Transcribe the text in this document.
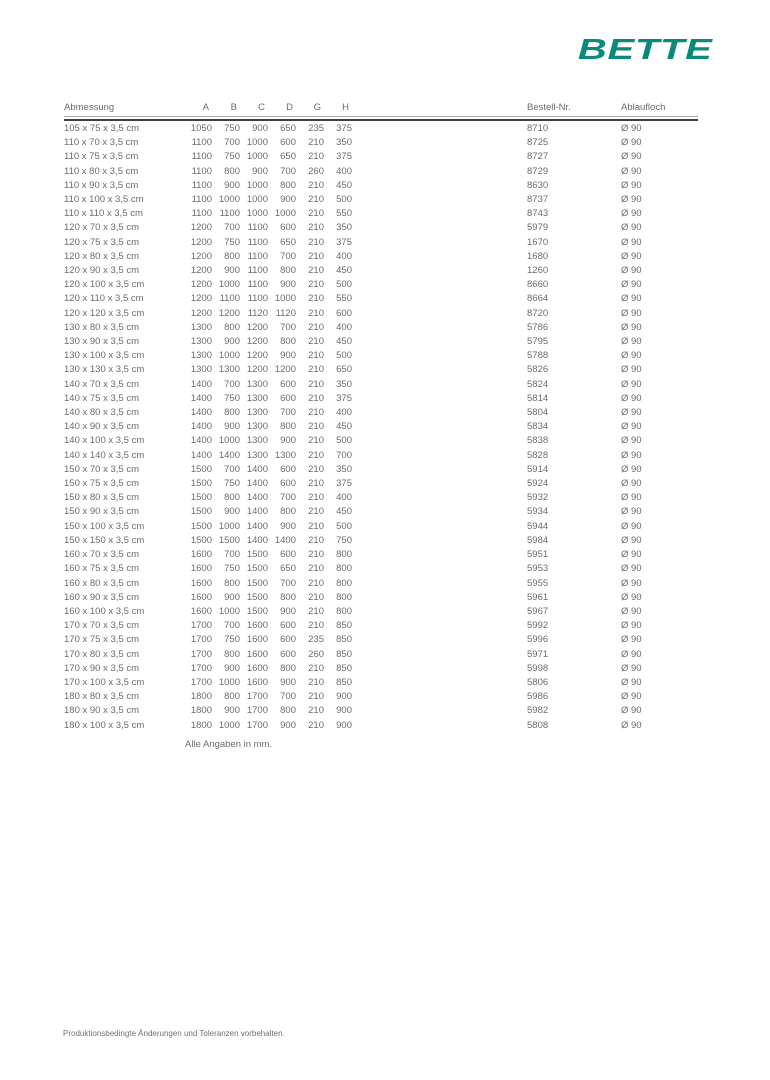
BETTE
Abmessung	A	B	C	D	G	H	Bestell-Nr.	Ablaufloch
105 x 75 x 3,5 cm	1050	750	900	650	235	375	8710	Ø 90
110 x 70 x 3,5 cm	1100	700	1000	600	210	350	8725	Ø 90
110 x 75 x 3,5 cm	1100	750	1000	650	210	375	8727	Ø 90
110 x 80 x 3,5 cm	1100	800	900	700	260	400	8729	Ø 90
110 x 90 x 3,5 cm	1100	900	1000	800	210	450	8630	Ø 90
110 x 100 x 3,5 cm	1100	1000	1000	900	210	500	8737	Ø 90
110 x 110 x 3,5 cm	1100	1100	1000	1000	210	550	8743	Ø 90
120 x 70 x 3,5 cm	1200	700	1100	600	210	350	5979	Ø 90
120 x 75 x 3,5 cm	1200	750	1100	650	210	375	1670	Ø 90
120 x 80 x 3,5 cm	1200	800	1100	700	210	400	1680	Ø 90
120 x 90 x 3,5 cm	1200	900	1100	800	210	450	1260	Ø 90
120 x 100 x 3,5 cm	1200	1000	1100	900	210	500	8660	Ø 90
120 x 110 x 3,5 cm	1200	1100	1100	1000	210	550	8664	Ø 90
120 x 120 x 3,5 cm	1200	1200	1120	1120	210	600	8720	Ø 90
130 x 80 x 3,5 cm	1300	800	1200	700	210	400	5786	Ø 90
130 x 90 x 3,5 cm	1300	900	1200	800	210	450	5795	Ø 90
130 x 100 x 3,5 cm	1300	1000	1200	900	210	500	5788	Ø 90
130 x 130 x 3,5 cm	1300	1300	1200	1200	210	650	5826	Ø 90
140 x 70 x 3,5 cm	1400	700	1300	600	210	350	5824	Ø 90
140 x 75 x 3,5 cm	1400	750	1300	600	210	375	5814	Ø 90
140 x 80 x 3,5 cm	1400	800	1300	700	210	400	5804	Ø 90
140 x 90 x 3,5 cm	1400	900	1300	800	210	450	5834	Ø 90
140 x 100 x 3,5 cm	1400	1000	1300	900	210	500	5838	Ø 90
140 x 140 x 3,5 cm	1400	1400	1300	1300	210	700	5828	Ø 90
150 x 70 x 3,5 cm	1500	700	1400	600	210	350	5914	Ø 90
150 x 75 x 3,5 cm	1500	750	1400	600	210	375	5924	Ø 90
150 x 80 x 3,5 cm	1500	800	1400	700	210	400	5932	Ø 90
150 x 90 x 3,5 cm	1500	900	1400	800	210	450	5934	Ø 90
150 x 100 x 3,5 cm	1500	1000	1400	900	210	500	5944	Ø 90
150 x 150 x 3,5 cm	1500	1500	1400	1400	210	750	5984	Ø 90
160 x 70 x 3,5 cm	1600	700	1500	600	210	800	5951	Ø 90
160 x 75 x 3,5 cm	1600	750	1500	650	210	800	5953	Ø 90
160 x 80 x 3,5 cm	1600	800	1500	700	210	800	5955	Ø 90
160 x 90 x 3,5 cm	1600	900	1500	800	210	800	5961	Ø 90
160 x 100 x 3,5 cm	1600	1000	1500	900	210	800	5967	Ø 90
170 x 70 x 3,5 cm	1700	700	1600	600	210	850	5992	Ø 90
170 x 75 x 3,5 cm	1700	750	1600	600	235	850	5996	Ø 90
170 x 80 x 3,5 cm	1700	800	1600	600	260	850	5971	Ø 90
170 x 90 x 3,5 cm	1700	900	1600	800	210	850	5998	Ø 90
170 x 100 x 3,5 cm	1700	1000	1600	900	210	850	5806	Ø 90
180 x 80 x 3,5 cm	1800	800	1700	700	210	900	5986	Ø 90
180 x 90 x 3,5 cm	1800	900	1700	800	210	900	5982	Ø 90
180 x 100 x 3,5 cm	1800	1000	1700	900	210	900	5808	Ø 90
Alle Angaben in mm.
Produktionsbedingte Änderungen und Toleranzen vorbehalten.
